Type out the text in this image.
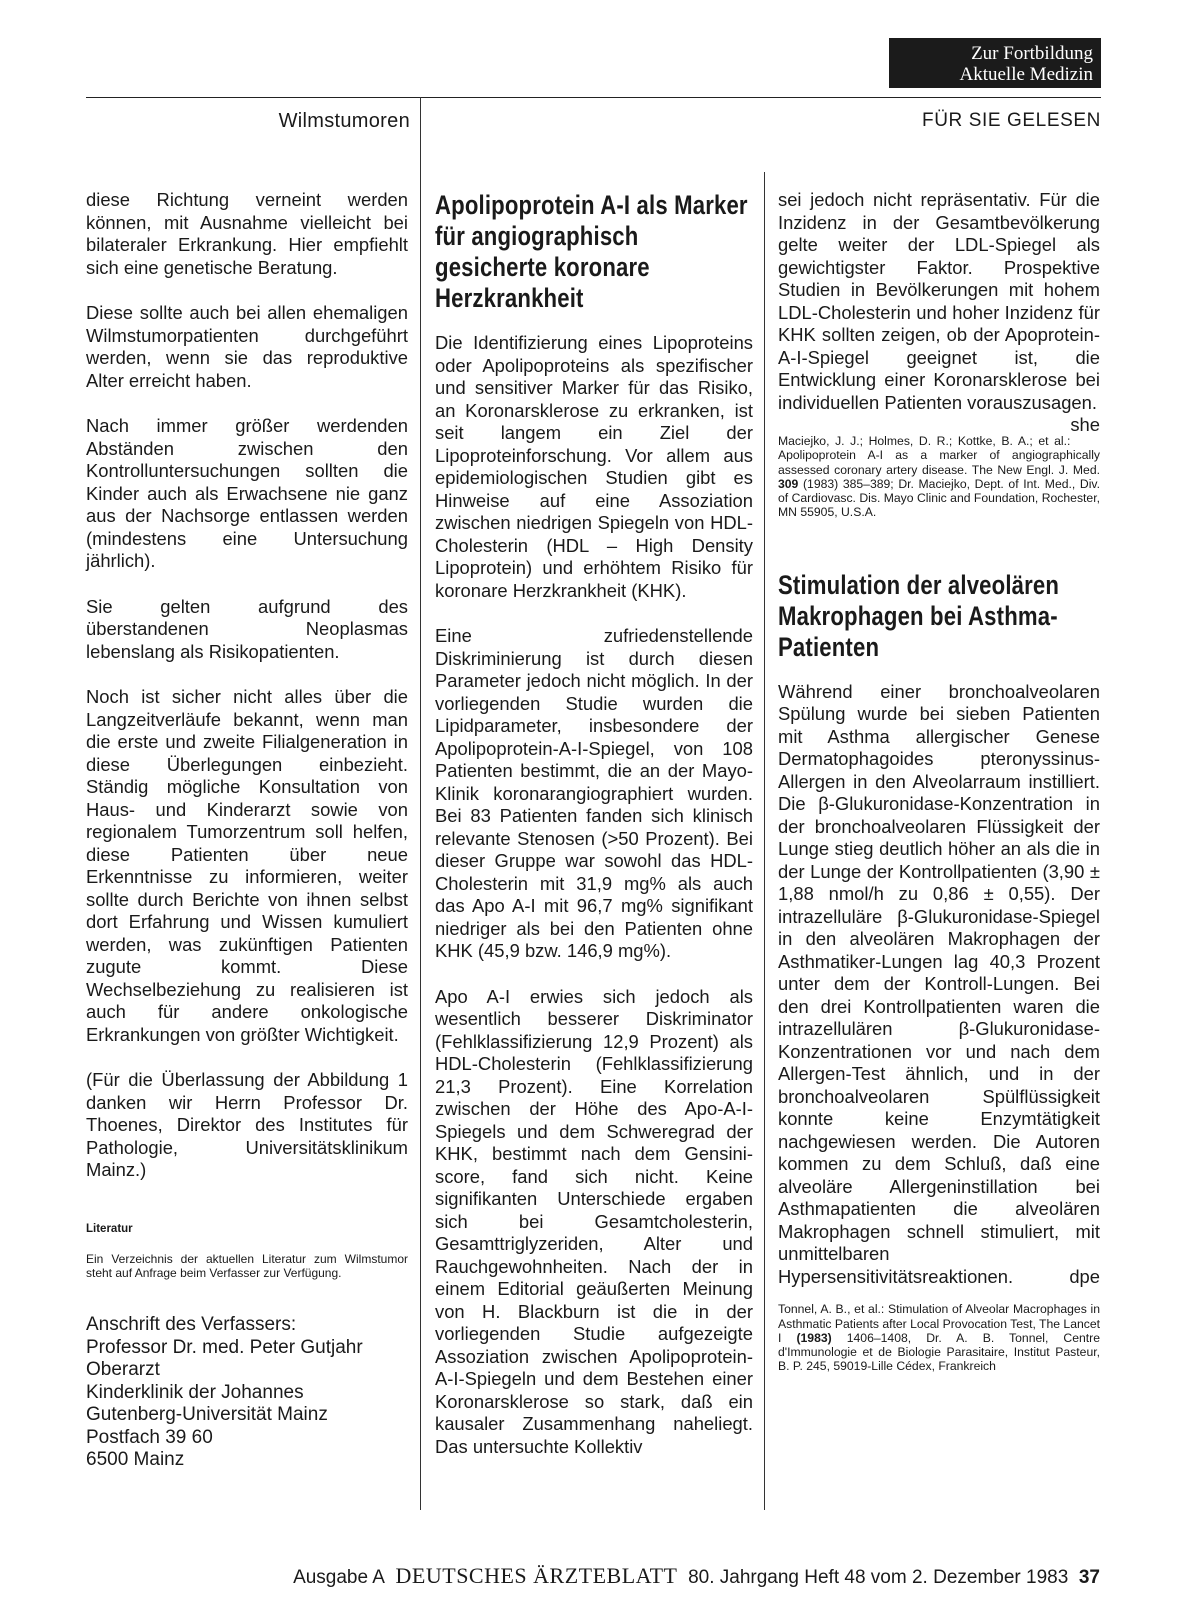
Zur Fortbildung
Aktuelle Medizin
Wilmstumoren	FÜR SIE GELESEN

diese Richtung verneint werden können, mit Ausnahme vielleicht bei bilateraler Erkrankung. Hier empfiehlt sich eine genetische Beratung.

Diese sollte auch bei allen ehemaligen Wilmstumorpatienten durchgeführt werden, wenn sie das reproduktive Alter erreicht haben.

Nach immer größer werdenden Abständen zwischen den Kontrolluntersuchungen sollten die Kinder auch als Erwachsene nie ganz aus der Nachsorge entlassen werden (mindestens eine Untersuchung jährlich).

Sie gelten aufgrund des überstandenen Neoplasmas lebenslang als Risikopatienten.

Noch ist sicher nicht alles über die Langzeitverläufe bekannt, wenn man die erste und zweite Filialgeneration in diese Überlegungen einbezieht. Ständig mögliche Konsultation von Haus- und Kinderarzt sowie von regionalem Tumorzentrum soll helfen, diese Patienten über neue Erkenntnisse zu informieren, weiter sollte durch Berichte von ihnen selbst dort Erfahrung und Wissen kumuliert werden, was zukünftigen Patienten zugute kommt. Diese Wechselbeziehung zu realisieren ist auch für andere onkologische Erkrankungen von größter Wichtigkeit.

(Für die Überlassung der Abbildung 1 danken wir Herrn Professor Dr. Thoenes, Direktor des Institutes für Pathologie, Universitätsklinikum Mainz.)

Literatur
Ein Verzeichnis der aktuellen Literatur zum Wilmstumor steht auf Anfrage beim Verfasser zur Verfügung.
Anschrift des Verfassers:
Professor Dr. med. Peter Gutjahr
Oberarzt
Kinderklinik der Johannes
Gutenberg-Universität Mainz
Postfach 39 60
6500 Mainz
Apolipoprotein A-I als Marker für angiographisch gesicherte koronare Herzkrankheit

Die Identifizierung eines Lipoproteins oder Apolipoproteins als spezifischer und sensitiver Marker für das Risiko, an Koronarsklerose zu erkranken, ist seit langem ein Ziel der Lipoproteinforschung. Vor allem aus epidemiologischen Studien gibt es Hinweise auf eine Assoziation zwischen niedrigen Spiegeln von HDL-Cholesterin (HDL – High Density Lipoprotein) und erhöhtem Risiko für koronare Herzkrankheit (KHK).

Eine zufriedenstellende Diskriminierung ist durch diesen Parameter jedoch nicht möglich. In der vorliegenden Studie wurden die Lipidparameter, insbesondere der Apolipoprotein-A-I-Spiegel, von 108 Patienten bestimmt, die an der Mayo-Klinik koronarangiographiert wurden. Bei 83 Patienten fanden sich klinisch relevante Stenosen (>50 Prozent). Bei dieser Gruppe war sowohl das HDL-Cholesterin mit 31,9 mg% als auch das Apo A-I mit 96,7 mg% signifikant niedriger als bei den Patienten ohne KHK (45,9 bzw. 146,9 mg%).

Apo A-I erwies sich jedoch als wesentlich besserer Diskriminator (Fehlklassifizierung 12,9 Prozent) als HDL-Cholesterin (Fehlklassifizierung 21,3 Prozent). Eine Korrelation zwischen der Höhe des Apo-A-I-Spiegels und dem Schweregrad der KHK, bestimmt nach dem Gensini-score, fand sich nicht. Keine signifikanten Unterschiede ergaben sich bei Gesamtcholesterin, Gesamttriglyzeriden, Alter und Rauchgewohnheiten. Nach der in einem Editorial geäußerten Meinung von H. Blackburn ist die in der vorliegenden Studie aufgezeigte Assoziation zwischen Apolipoprotein-A-I-Spiegeln und dem Bestehen einer Koronarsklerose so stark, daß ein kausaler Zusammenhang naheliegt. Das untersuchte Kollektiv

sei jedoch nicht repräsentativ. Für die Inzidenz in der Gesamtbevölkerung gelte weiter der LDL-Spiegel als gewichtigster Faktor. Prospektive Studien in Bevölkerungen mit hohem LDL-Cholesterin und hoher Inzidenz für KHK sollten zeigen, ob der Apoprotein-A-I-Spiegel geeignet ist, die Entwicklung einer Koronarsklerose bei individuellen Patienten vorauszusagen.
she

Maciejko, J. J.; Holmes, D. R.; Kottke, B. A.; et al.: Apolipoprotein A-I as a marker of angiographically assessed coronary artery disease. The New Engl. J. Med. 309 (1983) 385–389; Dr. Maciejko, Dept. of Int. Med., Div. of Cardiovasc. Dis. Mayo Clinic and Foundation, Rochester, MN 55905, U.S.A.
Stimulation der alveolären Makrophagen bei Asthma-Patienten

Während einer bronchoalveolaren Spülung wurde bei sieben Patienten mit Asthma allergischer Genese Dermatophagoides pteronyssinus-Allergen in den Alveolarraum instilliert. Die β-Glukuronidase-Konzentration in der bronchoalveolaren Flüssigkeit der Lunge stieg deutlich höher an als die in der Lunge der Kontrollpatienten (3,90 ± 1,88 nmol/h zu 0,86 ± 0,55). Der intrazelluläre β-Glukuronidase-Spiegel in den alveolären Makrophagen der Asthmatiker-Lungen lag 40,3 Prozent unter dem der Kontroll-Lungen. Bei den drei Kontrollpatienten waren die intrazellulären β-Glukuronidase-Konzentrationen vor und nach dem Allergen-Test ähnlich, und in der bronchoalveolaren Spülflüssigkeit konnte keine Enzymtätigkeit nachgewiesen werden. Die Autoren kommen zu dem Schluß, daß eine alveoläre Allergeninstillation bei Asthmapatienten die alveolären Makrophagen schnell stimuliert, mit unmittelbaren Hypersensitivitätsreaktionen.	dpe

Tonnel, A. B., et al.: Stimulation of Alveolar Macrophages in Asthmatic Patients after Local Provocation Test, The Lancet I (1983) 1406–1408, Dr. A. B. Tonnel, Centre d'Immunologie et de Biologie Parasitaire, Institut Pasteur, B. P. 245, 59019-Lille Cédex, Frankreich
Ausgabe A DEUTSCHES ÄRZTEBLATT 80. Jahrgang Heft 48 vom 2. Dezember 1983 37
